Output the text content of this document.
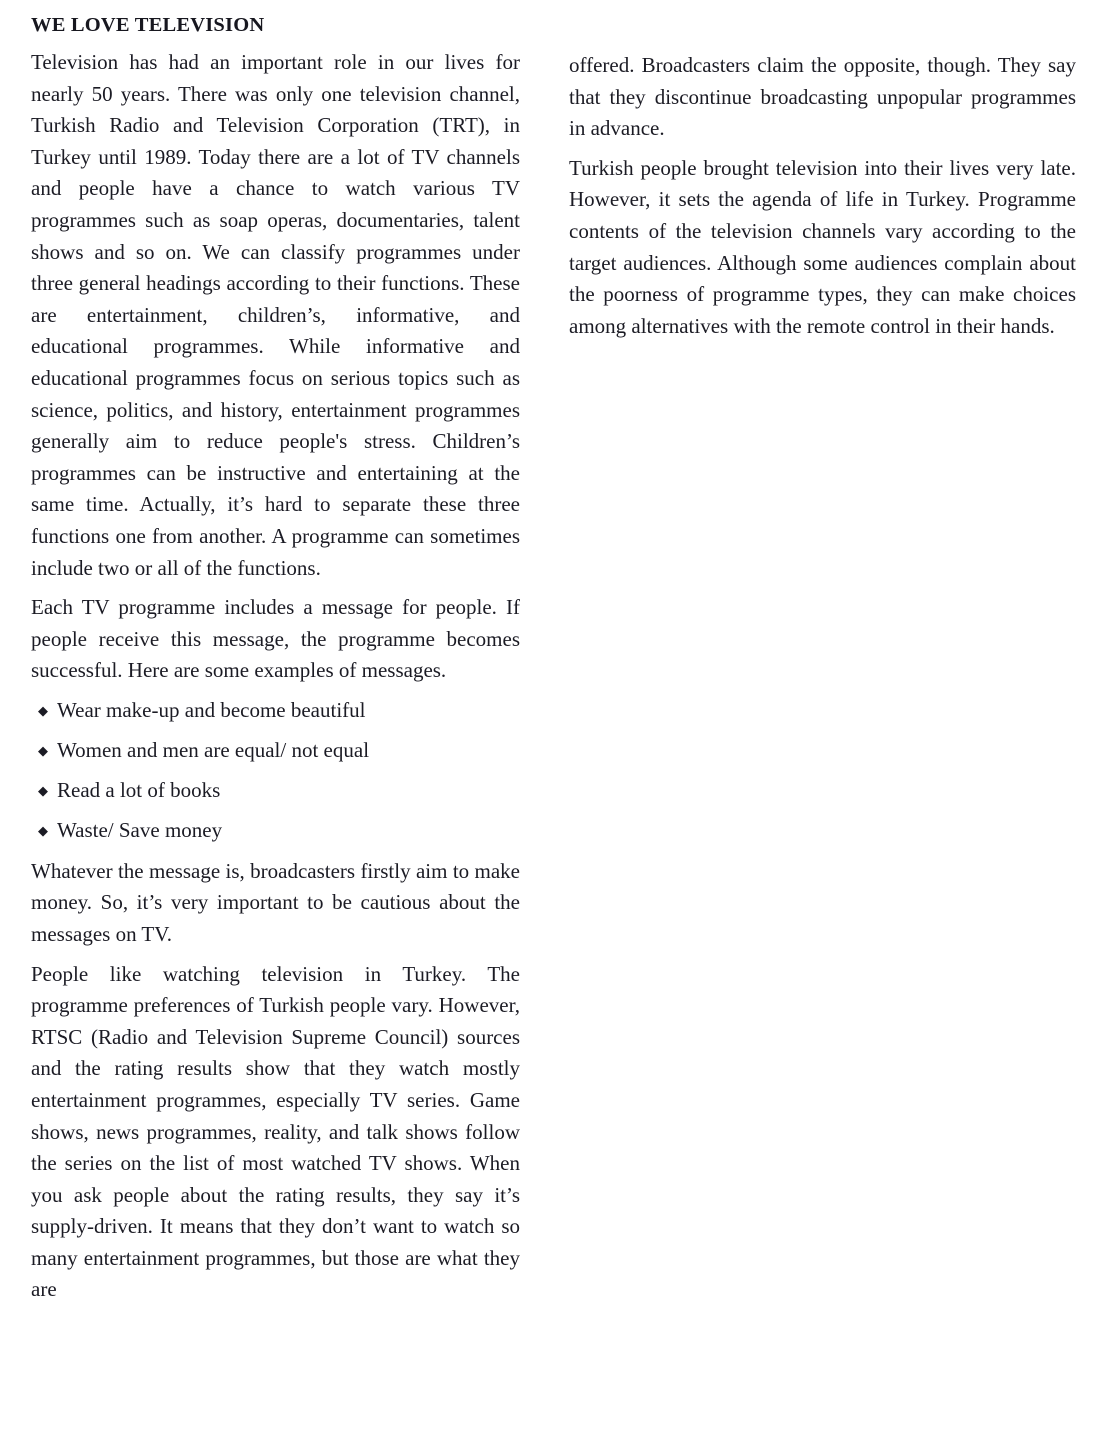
WE LOVE TELEVISION

Television has had an important role in our lives for nearly 50 years. There was only one television channel, Turkish Radio and Television Corporation (TRT), in Turkey until 1989. Today there are a lot of TV channels and people have a chance to watch various TV programmes such as soap operas, documentaries, talent shows and so on. We can classify programmes under three general headings according to their functions. These are entertainment, children’s, informative, and educational programmes. While informative and educational programmes focus on serious topics such as science, politics, and history, entertainment programmes generally aim to reduce people's stress. Children’s programmes can be instructive and entertaining at the same time. Actually, it’s hard to separate these three functions one from another. A programme can sometimes include two or all of the functions.

Each TV programme includes a message for people. If people receive this message, the programme becomes successful. Here are some examples of messages.

◆ Wear make-up and become beautiful
◆ Women and men are equal/ not equal
◆ Read a lot of books
◆ Waste/ Save money

Whatever the message is, broadcasters firstly aim to make money. So, it’s very important to be cautious about the messages on TV.

People like watching television in Turkey. The programme preferences of Turkish people vary. However, RTSC (Radio and Television Supreme Council) sources and the rating results show that they watch mostly entertainment programmes, especially TV series. Game shows, news programmes, reality, and talk shows follow the series on the list of most watched TV shows. When you ask people about the rating results, they say it’s supply-driven. It means that they don’t want to watch so many entertainment programmes, but those are what they are

offered. Broadcasters claim the opposite, though. They say that they discontinue broadcasting unpopular programmes in advance.

Turkish people brought television into their lives very late. However, it sets the agenda of life in Turkey. Programme contents of the television channels vary according to the target audiences. Although some audiences complain about the poorness of programme types, they can make choices among alternatives with the remote control in their hands.
